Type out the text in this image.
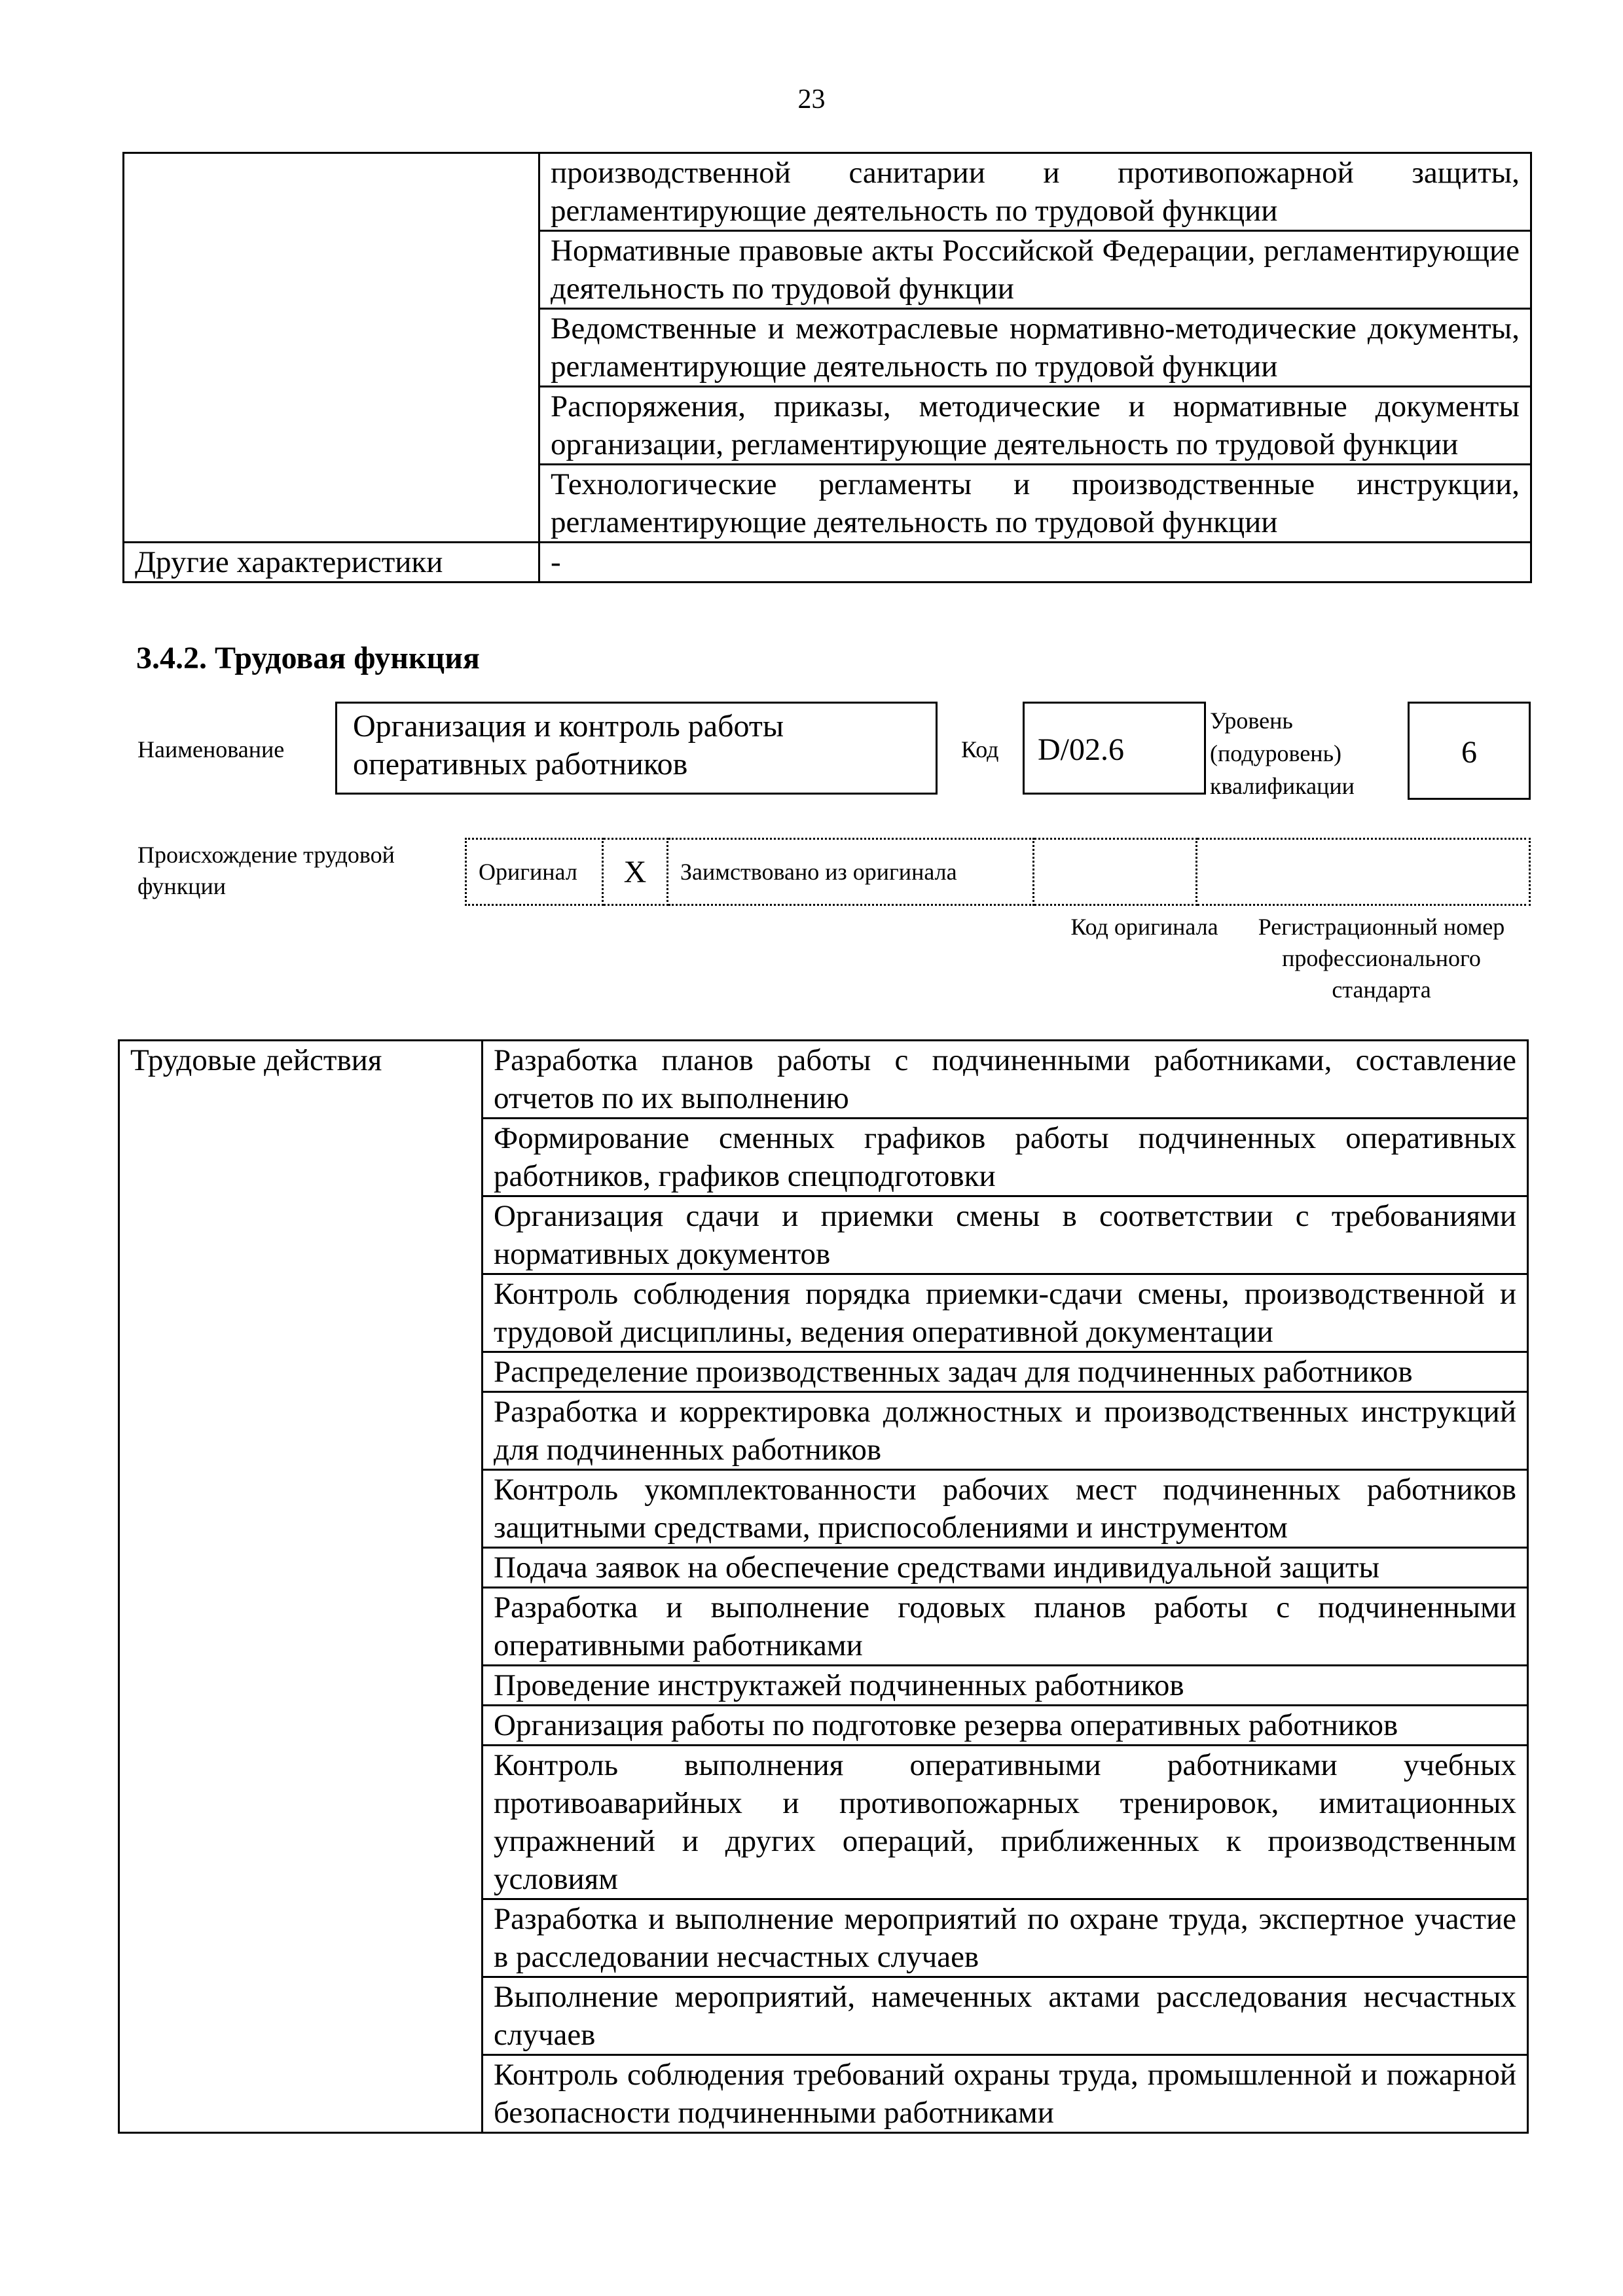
23
	производственной санитарии и противопожарной защиты, регламентирующие деятельность по трудовой функции
	Нормативные правовые акты Российской Федерации, регламентирующие деятельность по трудовой функции
	Ведомственные и межотраслевые нормативно-методические документы, регламентирующие деятельность по трудовой функции
	Распоряжения, приказы, методические и нормативные документы организации, регламентирующие деятельность по трудовой функции
	Технологические регламенты и производственные инструкции, регламентирующие деятельность по трудовой функции
Другие характеристики	-
3.4.2. Трудовая функция
Наименование
Организация и контроль работы оперативных работников	Код	D/02.6
Уровень (подуровень) квалификации
6
Происхождение трудовой функции
Оригинал	X	Заимствовано из оригинала		
Код оригинала	Регистрационный номер профессионального стандарта
Трудовые действия	Разработка планов работы с подчиненными работниками, составление отчетов по их выполнению
Формирование сменных графиков работы подчиненных оперативных работников, графиков спецподготовки
Организация сдачи и приемки смены в соответствии с требованиями нормативных документов
Контроль соблюдения порядка приемки-сдачи смены, производственной и трудовой дисциплины, ведения оперативной документации
Распределение производственных задач для подчиненных работников
Разработка и корректировка должностных и производственных инструкций для подчиненных работников
Контроль укомплектованности рабочих мест подчиненных работников защитными средствами, приспособлениями и инструментом
Подача заявок на обеспечение средствами индивидуальной защиты
Разработка и выполнение годовых планов работы с подчиненными оперативными работниками
Проведение инструктажей подчиненных работников
Организация работы по подготовке резерва оперативных работников
Контроль выполнения оперативными работниками учебных противоаварийных и противопожарных тренировок, имитационных упражнений и других операций, приближенных к производственным условиям
Разработка и выполнение мероприятий по охране труда, экспертное участие в расследовании несчастных случаев
Выполнение мероприятий, намеченных актами расследования несчастных случаев
Контроль соблюдения требований охраны труда, промышленной и пожарной безопасности подчиненными работниками
